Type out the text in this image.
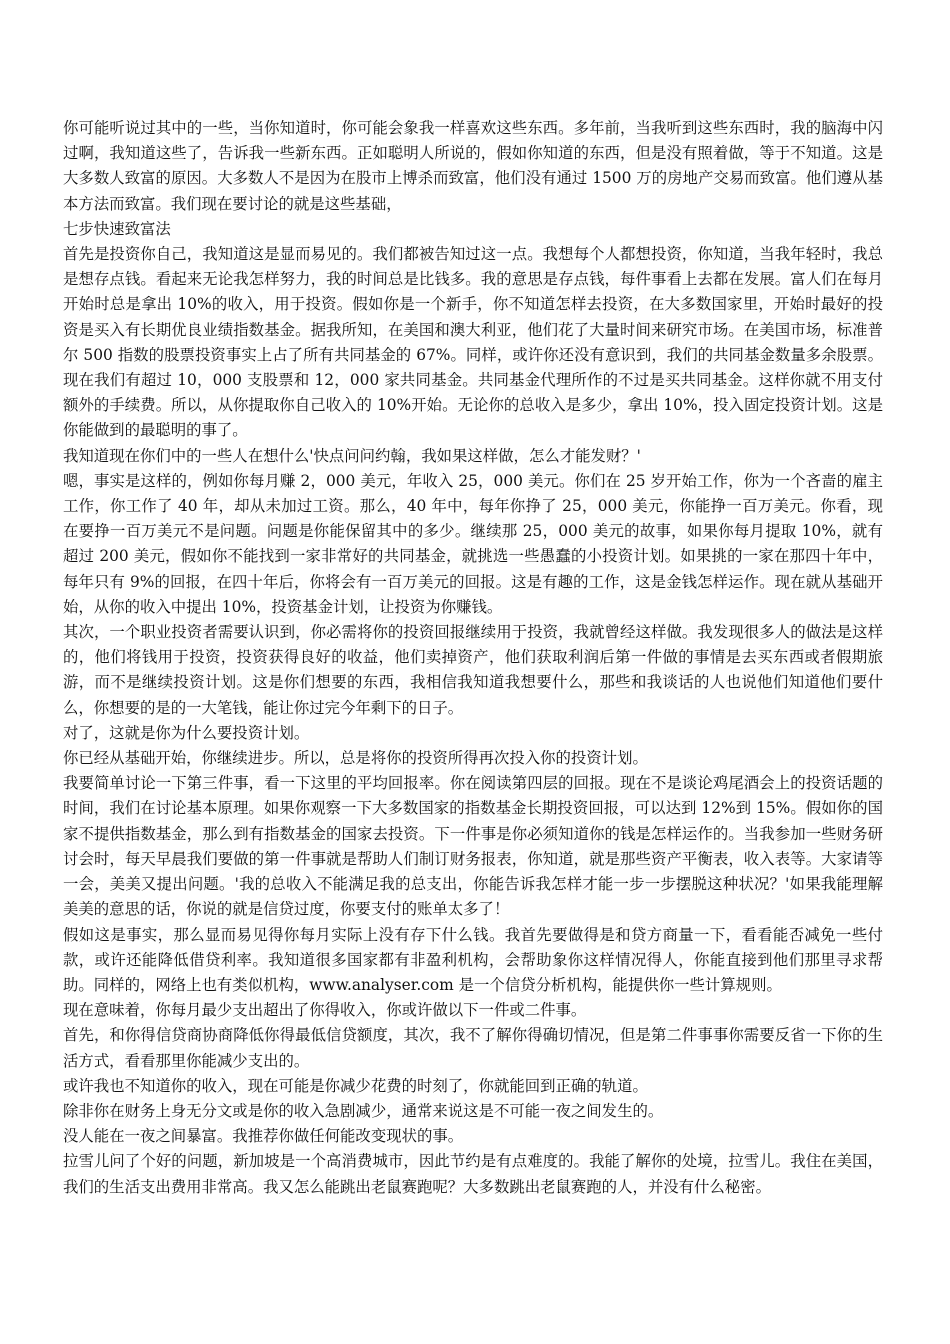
你可能听说过其中的一些，当你知道时，你可能会象我一样喜欢这些东西。多年前，当我听到这些东西时，我的脑海中闪过啊，我知道这些了，告诉我一些新东西。正如聪明人所说的，假如你知道的东西，但是没有照着做，等于不知道。这是大多数人致富的原因。大多数人不是因为在股市上博杀而致富，他们没有通过 1500 万的房地产交易而致富。他们遵从基本方法而致富。我们现在要讨论的就是这些基础，

七步快速致富法

首先是投资你自己，我知道这是显而易见的。我们都被告知过这一点。我想每个人都想投资，你知道，当我年轻时，我总是想存点钱。看起来无论我怎样努力，我的时间总是比钱多。我的意思是存点钱，每件事看上去都在发展。富人们在每月开始时总是拿出 10%的收入，用于投资。假如你是一个新手，你不知道怎样去投资，在大多数国家里，开始时最好的投资是买入有长期优良业绩指数基金。据我所知，在美国和澳大利亚，他们花了大量时间来研究市场。在美国市场，标准普尔 500 指数的股票投资事实上占了所有共同基金的 67%。同样，或许你还没有意识到，我们的共同基金数量多余股票。现在我们有超过 10，000 支股票和 12，000 家共同基金。共同基金代理所作的不过是买共同基金。这样你就不用支付额外的手续费。所以，从你提取你自己收入的 10%开始。无论你的总收入是多少，拿出 10%，投入固定投资计划。这是你能做到的最聪明的事了。

我知道现在你们中的一些人在想什么'快点问问约翰，我如果这样做，怎么才能发财？'

嗯，事实是这样的，例如你每月赚 2，000 美元，年收入 25，000 美元。你们在 25 岁开始工作，你为一个吝啬的雇主工作，你工作了 40 年，却从未加过工资。那么，40 年中，每年你挣了 25，000 美元，你能挣一百万美元。你看，现在要挣一百万美元不是问题。问题是你能保留其中的多少。继续那 25，000 美元的故事，如果你每月提取 10%，就有超过 200 美元，假如你不能找到一家非常好的共同基金，就挑选一些愚蠢的小投资计划。如果挑的一家在那四十年中，每年只有 9%的回报，在四十年后，你将会有一百万美元的回报。这是有趣的工作，这是金钱怎样运作。现在就从基础开始，从你的收入中提出 10%，投资基金计划，让投资为你赚钱。

其次，一个职业投资者需要认识到，你必需将你的投资回报继续用于投资，我就曾经这样做。我发现很多人的做法是这样的，他们将钱用于投资，投资获得良好的收益，他们卖掉资产，他们获取利润后第一件做的事情是去买东西或者假期旅游，而不是继续投资计划。这是你们想要的东西，我相信我知道我想要什么，那些和我谈话的人也说他们知道他们要什么，你想要的是的一大笔钱，能让你过完今年剩下的日子。

对了，这就是你为什么要投资计划。

你已经从基础开始，你继续进步。所以，总是将你的投资所得再次投入你的投资计划。

我要简单讨论一下第三件事，看一下这里的平均回报率。你在阅读第四层的回报。现在不是谈论鸡尾酒会上的投资话题的时间，我们在讨论基本原理。如果你观察一下大多数国家的指数基金长期投资回报，可以达到 12%到 15%。假如你的国家不提供指数基金，那么到有指数基金的国家去投资。下一件事是你必须知道你的钱是怎样运作的。当我参加一些财务研讨会时，每天早晨我们要做的第一件事就是帮助人们制订财务报表，你知道，就是那些资产平衡表，收入表等。大家请等一会，美美又提出问题。'我的总收入不能满足我的总支出，你能告诉我怎样才能一步一步摆脱这种状况？'如果我能理解美美的意思的话，你说的就是信贷过度，你要支付的账单太多了！

假如这是事实，那么显而易见得你每月实际上没有存下什么钱。我首先要做得是和贷方商量一下，看看能否减免一些付款，或许还能降低借贷利率。我知道很多国家都有非盈利机构，会帮助象你这样情况得人，你能直接到他们那里寻求帮助。同样的，网络上也有类似机构，www.analyser.com 是一个信贷分析机构，能提供你一些计算规则。

现在意味着，你每月最少支出超出了你得收入，你或许做以下一件或二件事。

首先，和你得信贷商协商降低你得最低信贷额度，其次，我不了解你得确切情况，但是第二件事事你需要反省一下你的生活方式，看看那里你能减少支出的。

或许我也不知道你的收入，现在可能是你减少花费的时刻了，你就能回到正确的轨道。

除非你在财务上身无分文或是你的收入急剧减少，通常来说这是不可能一夜之间发生的。

没人能在一夜之间暴富。我推荐你做任何能改变现状的事。

拉雪儿问了个好的问题，新加坡是一个高消费城市，因此节约是有点难度的。我能了解你的处境，拉雪儿。我住在美国，我们的生活支出费用非常高。我又怎么能跳出老鼠赛跑呢？大多数跳出老鼠赛跑的人，并没有什么秘密。
